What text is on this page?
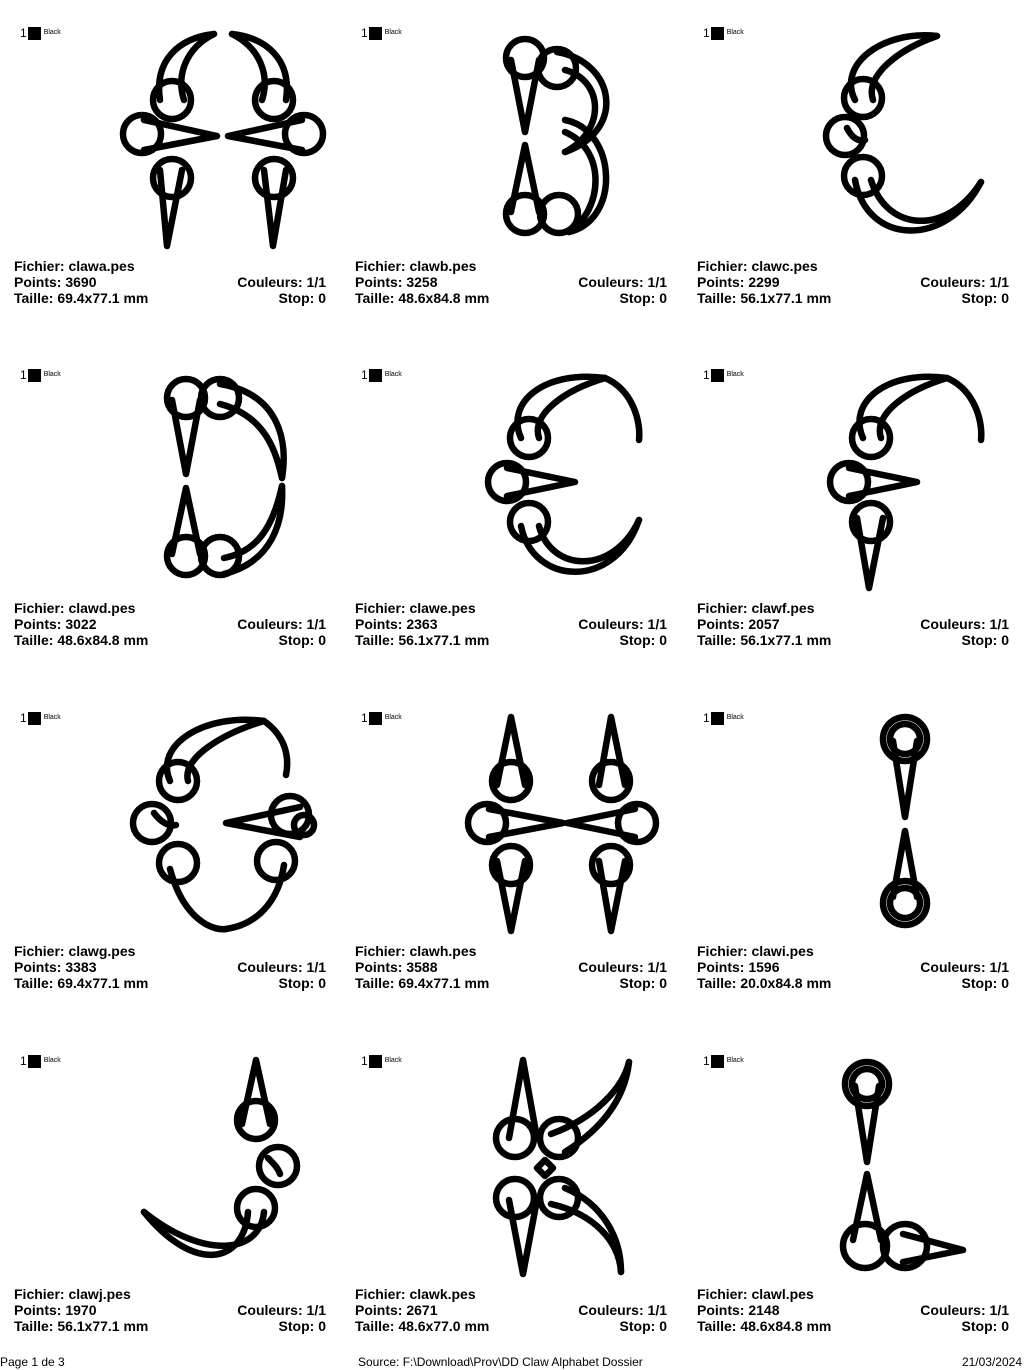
1 Black
Fichier: clawa.pes
Points: 3690	Couleurs: 1/1
Taille: 69.4x77.1 mm	Stop: 0
1 Black
Fichier: clawb.pes
Points: 3258	Couleurs: 1/1
Taille: 48.6x84.8 mm	Stop: 0
1 Black
Fichier: clawc.pes
Points: 2299	Couleurs: 1/1
Taille: 56.1x77.1 mm	Stop: 0
1 Black
Fichier: clawd.pes
Points: 3022	Couleurs: 1/1
Taille: 48.6x84.8 mm	Stop: 0
1 Black
Fichier: clawe.pes
Points: 2363	Couleurs: 1/1
Taille: 56.1x77.1 mm	Stop: 0
1 Black
Fichier: clawf.pes
Points: 2057	Couleurs: 1/1
Taille: 56.1x77.1 mm	Stop: 0
1 Black
Fichier: clawg.pes
Points: 3383	Couleurs: 1/1
Taille: 69.4x77.1 mm	Stop: 0
1 Black
Fichier: clawh.pes
Points: 3588	Couleurs: 1/1
Taille: 69.4x77.1 mm	Stop: 0
1 Black
Fichier: clawi.pes
Points: 1596	Couleurs: 1/1
Taille: 20.0x84.8 mm	Stop: 0
1 Black
Fichier: clawj.pes
Points: 1970	Couleurs: 1/1
Taille: 56.1x77.1 mm	Stop: 0
1 Black
Fichier: clawk.pes
Points: 2671	Couleurs: 1/1
Taille: 48.6x77.0 mm	Stop: 0
1 Black
Fichier: clawl.pes
Points: 2148	Couleurs: 1/1
Taille: 48.6x84.8 mm	Stop: 0
Page 1 de 3	Source: F:\Download\Prov\DD Claw Alphabet Dossier	21/03/2024
